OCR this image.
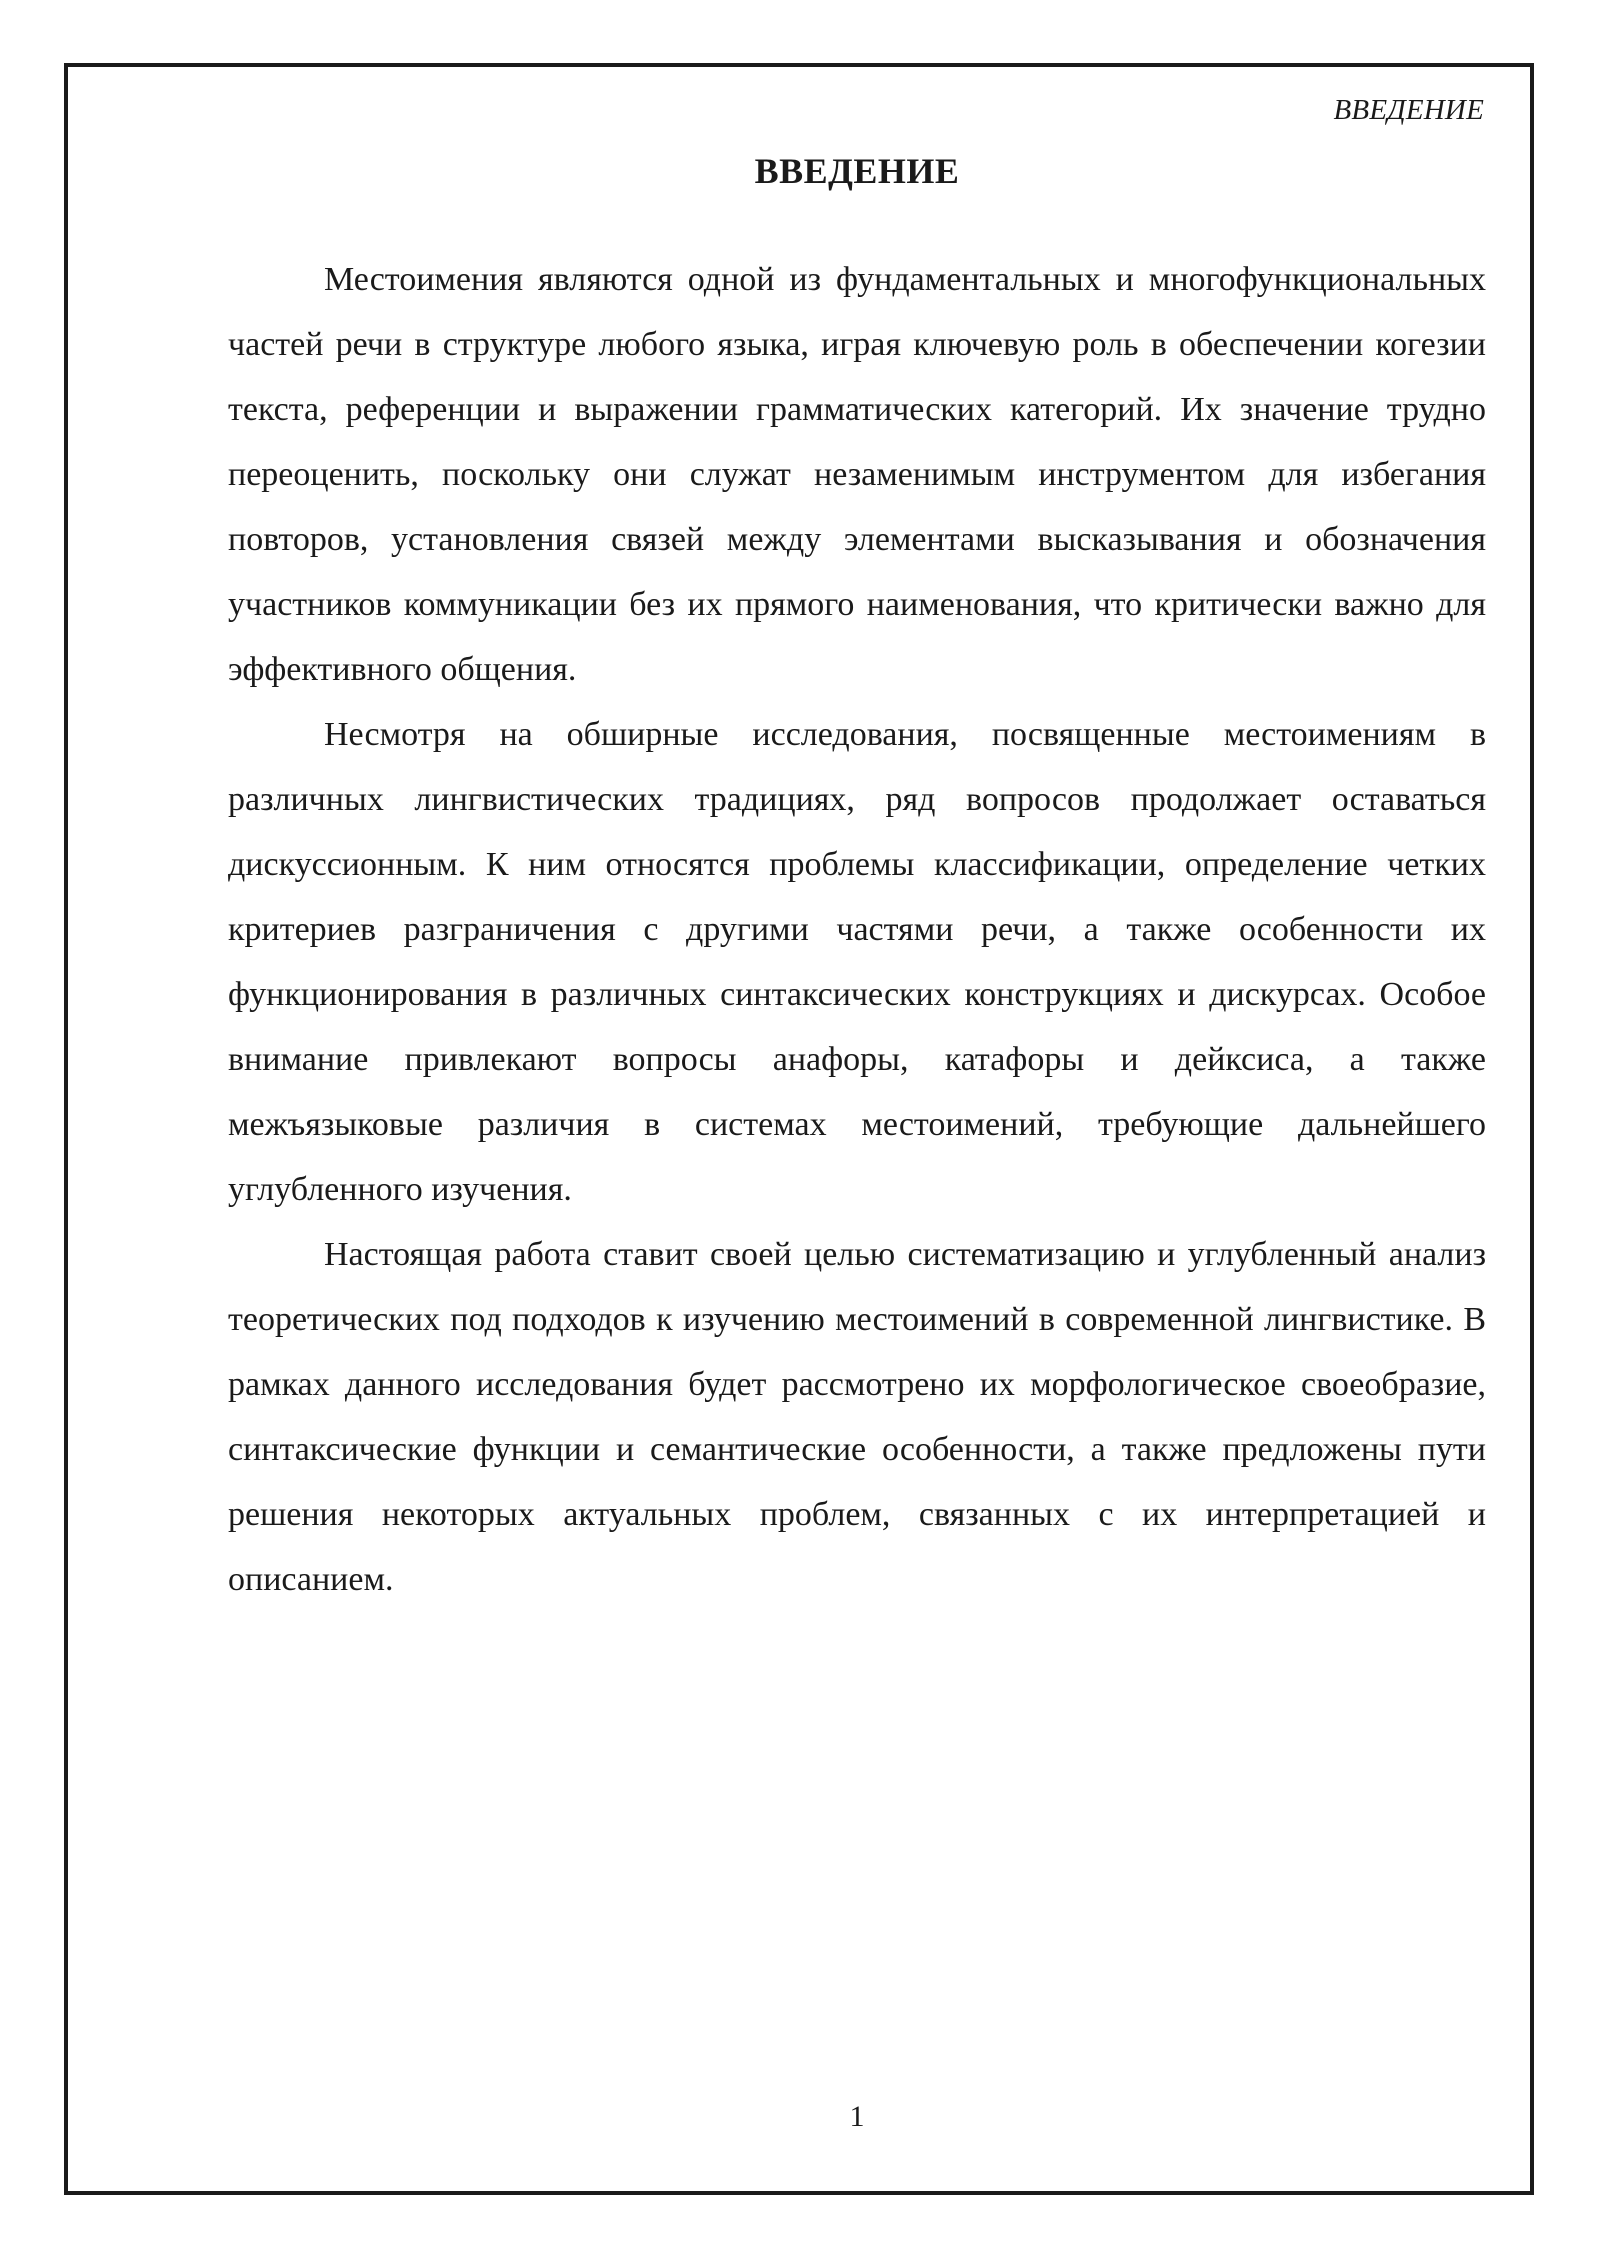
ВВЕДЕНИЕ
ВВЕДЕНИЕ

Местоимения являются одной из фундаментальных и многофункциональных частей речи в структуре любого языка, играя ключевую роль в обеспечении когезии текста, референции и выражении грамматических категорий. Их значение трудно переоценить, поскольку они служат незаменимым инструментом для избегания повторов, установления связей между элементами высказывания и обозначения участников коммуникации без их прямого наименования, что критически важно для эффективного общения.

Несмотря на обширные исследования, посвященные местоимениям в различных лингвистических традициях, ряд вопросов продолжает оставаться дискуссионным. К ним относятся проблемы классификации, определение четких критериев разграничения с другими частями речи, а также особенности их функционирования в различных синтаксических конструкциях и дискурсах. Особое внимание привлекают вопросы анафоры, катафоры и дейксиса, а также межъязыковые различия в системах местоимений, требующие дальнейшего углубленного изучения.

Настоящая работа ставит своей целью систематизацию и углубленный анализ теоретических под подходов к изучению местоимений в современной лингвистике. В рамках данного исследования будет рассмотрено их морфологическое своеобразие, синтаксические функции и семантические особенности, а также предложены пути решения некоторых актуальных проблем, связанных с их интерпретацией и описанием.

1
